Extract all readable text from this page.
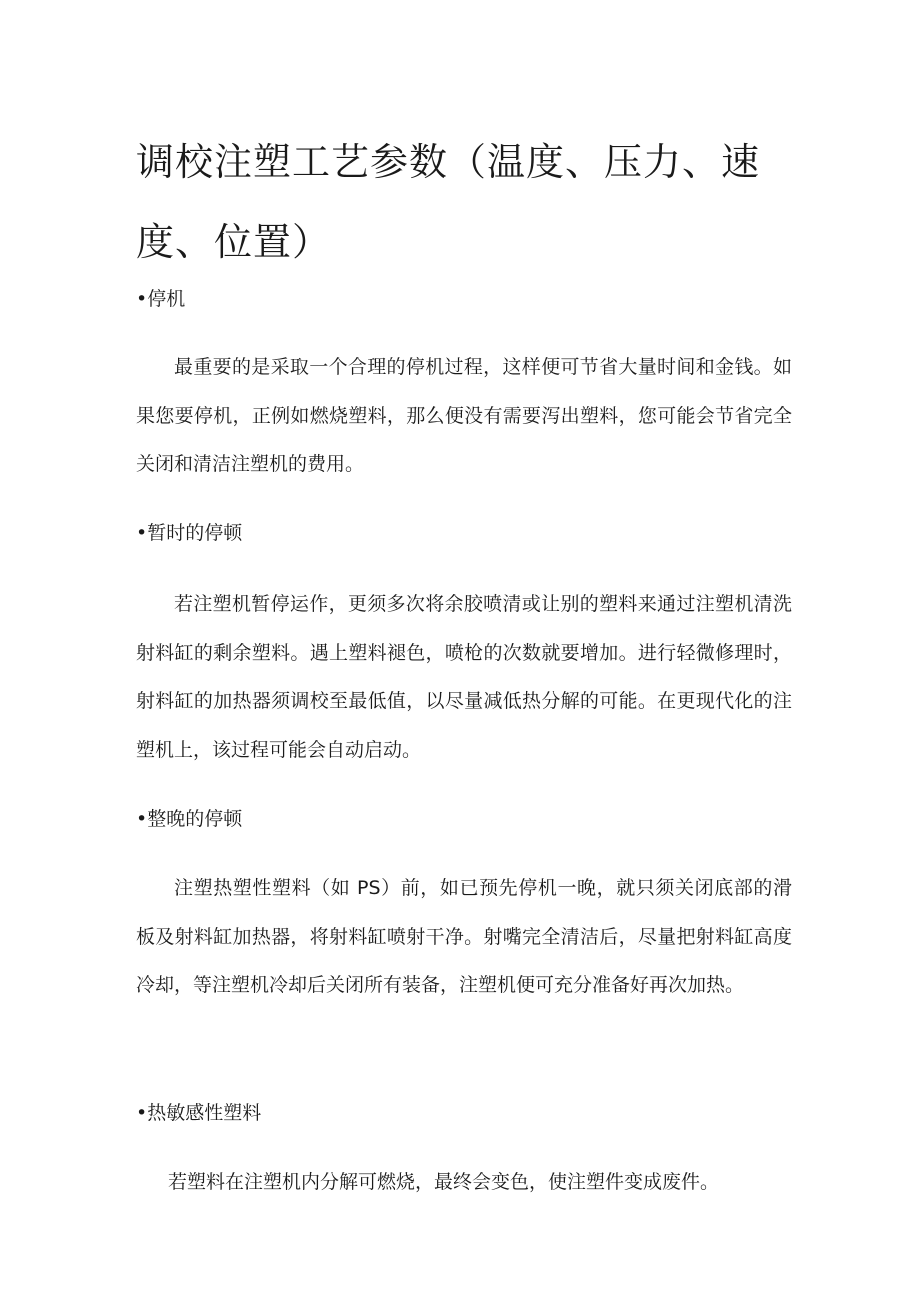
调校注塑工艺参数（温度、压力、速度、位置）

•停机

最重要的是采取一个合理的停机过程，这样便可节省大量时间和金钱。如果您要停机，正例如燃烧塑料，那么便没有需要泻出塑料，您可能会节省完全关闭和清洁注塑机的费用。

•暂时的停顿

若注塑机暂停运作，更须多次将余胶喷清或让别的塑料来通过注塑机清洗射料缸的剩余塑料。遇上塑料褪色，喷枪的次数就要增加。进行轻微修理时，射料缸的加热器须调校至最低值，以尽量减低热分解的可能。在更现代化的注塑机上，该过程可能会自动启动。

•整晚的停顿

注塑热塑性塑料（如 PS）前，如已预先停机一晚，就只须关闭底部的滑板及射料缸加热器，将射料缸喷射干净。射嘴完全清洁后，尽量把射料缸高度冷却，等注塑机冷却后关闭所有装备，注塑机便可充分准备好再次加热。

•热敏感性塑料

若塑料在注塑机内分解可燃烧，最终会变色，使注塑件变成废件。
